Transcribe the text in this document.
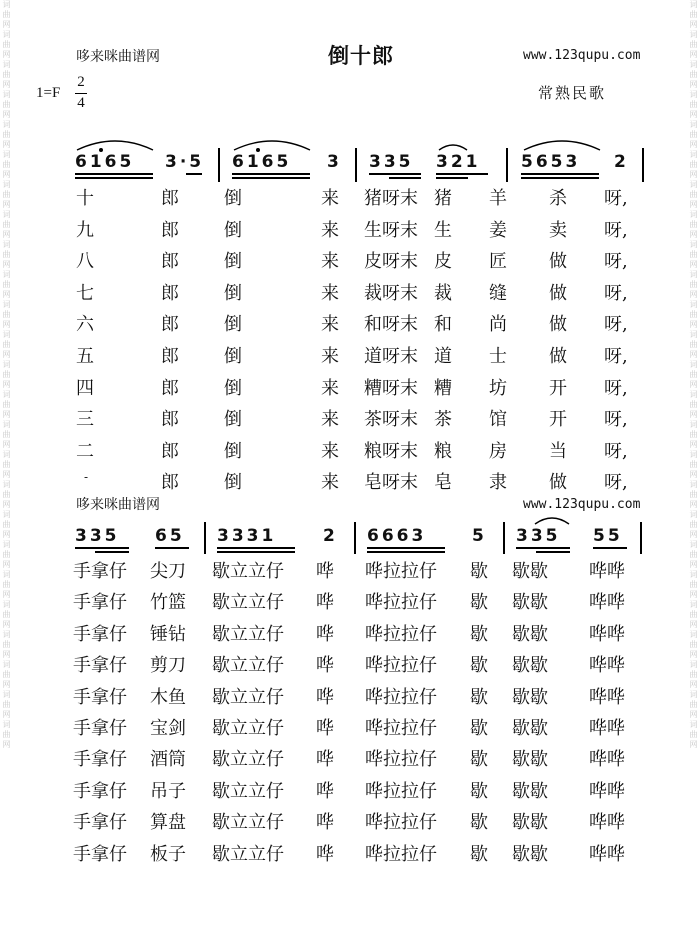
词曲网词曲网词曲网词曲网词曲网词曲网词曲网词曲网词曲网词曲网词曲网词曲网词曲网词曲网词曲网词曲网词曲网词曲网词曲网词曲网词曲网词曲网词曲网词曲网词曲网
词曲网词曲网词曲网词曲网词曲网词曲网词曲网词曲网词曲网词曲网词曲网词曲网词曲网词曲网词曲网词曲网词曲网词曲网词曲网词曲网词曲网词曲网词曲网词曲网词曲网
哆来咪曲谱网	倒十郎	www.123qupu.com
1=F
2
4
常熟民歌
6165 3·5 6165 3 335 321 5653 2
十	郎	倒	来 猪呀末 猪 羊 杀 呀,
九	郎	倒	来 生呀末 生 姜 卖 呀,
八	郎	倒	来 皮呀末 皮 匠 做 呀,
七	郎	倒	来 裁呀末 裁 缝 做 呀,
六	郎	倒	来 和呀末 和 尚 做 呀,
五	郎	倒	来 道呀末 道 士 做 呀,
四	郎	倒	来 糟呀末 糟 坊 开 呀,
三	郎	倒	来 茶呀末 茶 馆 开 呀,
二	郎	倒	来 粮呀末 粮 房 当 呀,
-	郎	倒	来 皂呀末 皂 隶 做 呀,
哆来咪曲谱网	www.123qupu.com
335 65 3331	2 6663	5 335 55
手拿仔 尖刀 歇立立仔 哗 哗拉拉仔 歇 歇歇 哗哗
手拿仔 竹篮 歇立立仔 哗 哗拉拉仔 歇 歇歇 哗哗
手拿仔 锤钻 歇立立仔 哗 哗拉拉仔 歇 歇歇 哗哗
手拿仔 剪刀 歇立立仔 哗 哗拉拉仔 歇 歇歇 哗哗
手拿仔 木鱼 歇立立仔 哗 哗拉拉仔 歇 歇歇 哗哗
手拿仔 宝剑 歇立立仔 哗 哗拉拉仔 歇 歇歇 哗哗
手拿仔 酒筒 歇立立仔 哗 哗拉拉仔 歇 歇歇 哗哗
手拿仔 吊子 歇立立仔 哗 哗拉拉仔 歇 歇歇 哗哗
手拿仔 算盘 歇立立仔 哗 哗拉拉仔 歇 歇歇 哗哗
手拿仔 板子 歇立立仔 哗 哗拉拉仔 歇 歇歇 哗哗
